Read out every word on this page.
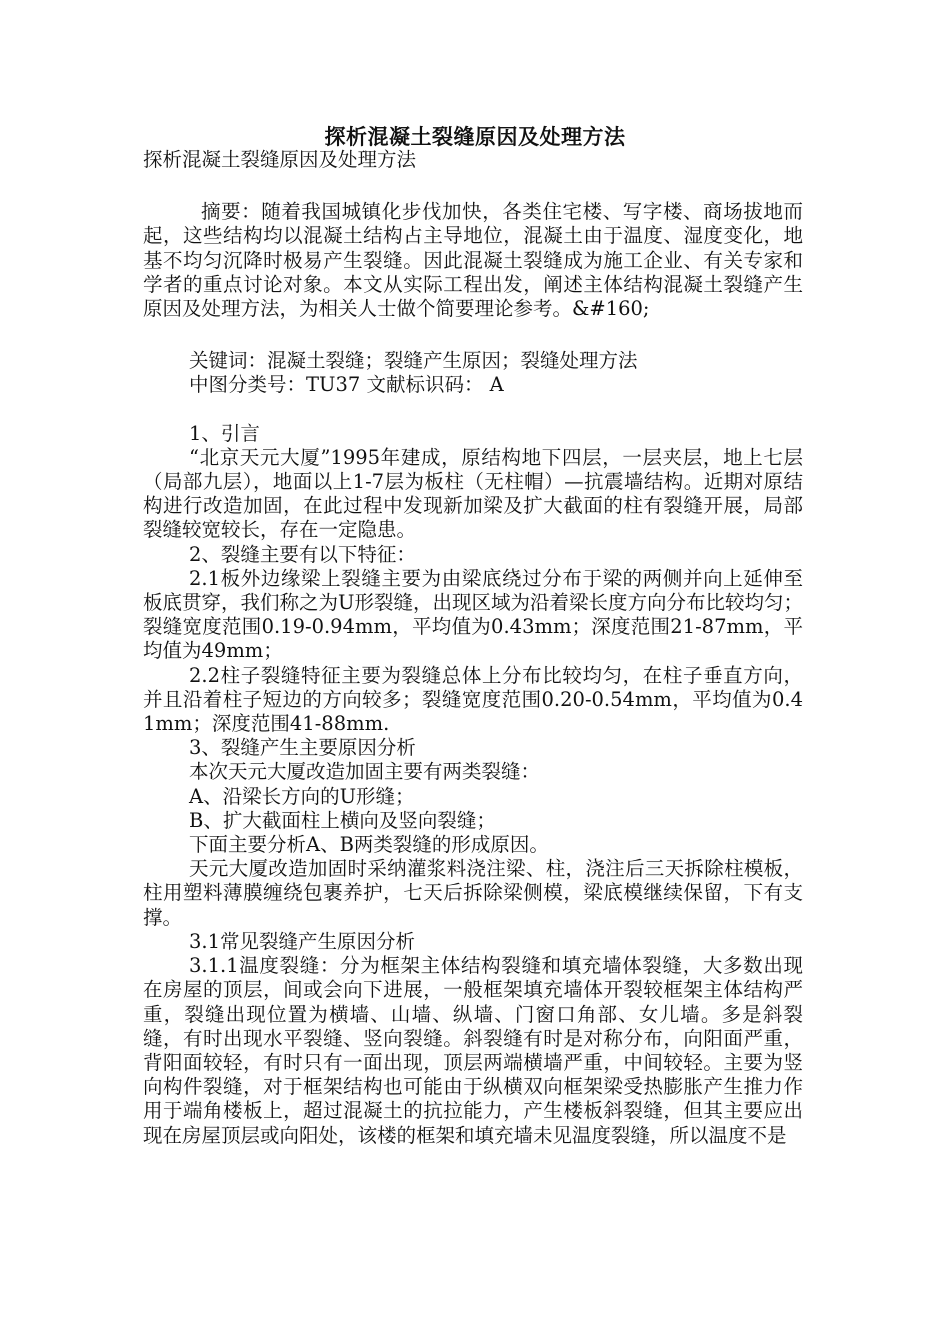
探析混凝土裂缝原因及处理方法

探析混凝土裂缝原因及处理方法

摘要：随着我国城镇化步伐加快，各类住宅楼、写字楼、商场拔地而起，这些结构均以混凝土结构占主导地位，混凝土由于温度、湿度变化，地基不均匀沉降时极易产生裂缝。因此混凝土裂缝成为施工企业、有关专家和学者的重点讨论对象。本文从实际工程出发，阐述主体结构混凝土裂缝产生原因及处理方法，为相关人士做个简要理论参考。&#160;

关键词：混凝土裂缝；裂缝产生原因；裂缝处理方法

中图分类号：TU37 文献标识码： A

1、引言

“北京天元大厦”1995年建成，原结构地下四层，一层夹层，地上七层（局部九层），地面以上1-7层为板柱（无柱帽）—抗震墙结构。近期对原结构进行改造加固，在此过程中发现新加梁及扩大截面的柱有裂缝开展，局部裂缝较宽较长，存在一定隐患。

2、裂缝主要有以下特征：

2.1板外边缘梁上裂缝主要为由梁底绕过分布于梁的两侧并向上延伸至板底贯穿，我们称之为U形裂缝，出现区域为沿着梁长度方向分布比较均匀；裂缝宽度范围0.19-0.94mm，平均值为0.43mm；深度范围21-87mm，平均值为49mm；

2.2柱子裂缝特征主要为裂缝总体上分布比较均匀，在柱子垂直方向，并且沿着柱子短边的方向较多；裂缝宽度范围0.20-0.54mm，平均值为0.41mm；深度范围41-88mm.

3、裂缝产生主要原因分析

本次天元大厦改造加固主要有两类裂缝：

A、沿梁长方向的U形缝；

B、扩大截面柱上横向及竖向裂缝；

下面主要分析A、B两类裂缝的形成原因。

天元大厦改造加固时采纳灌浆料浇注梁、柱，浇注后三天拆除柱模板，柱用塑料薄膜缠绕包裹养护，七天后拆除梁侧模，梁底模继续保留，下有支撑。

3.1常见裂缝产生原因分析

3.1.1温度裂缝：分为框架主体结构裂缝和填充墙体裂缝，大多数出现在房屋的顶层，间或会向下进展，一般框架填充墙体开裂较框架主体结构严重，裂缝出现位置为横墙、山墙、纵墙、门窗口角部、女儿墙。多是斜裂缝，有时出现水平裂缝、竖向裂缝。斜裂缝有时是对称分布，向阳面严重，背阳面较轻，有时只有一面出现，顶层两端横墙严重，中间较轻。主要为竖向构件裂缝，对于框架结构也可能由于纵横双向框架梁受热膨胀产生推力作用于端角楼板上，超过混凝土的抗拉能力，产生楼板斜裂缝，但其主要应出现在房屋顶层或向阳处，该楼的框架和填充墙未见温度裂缝，所以温度不是
